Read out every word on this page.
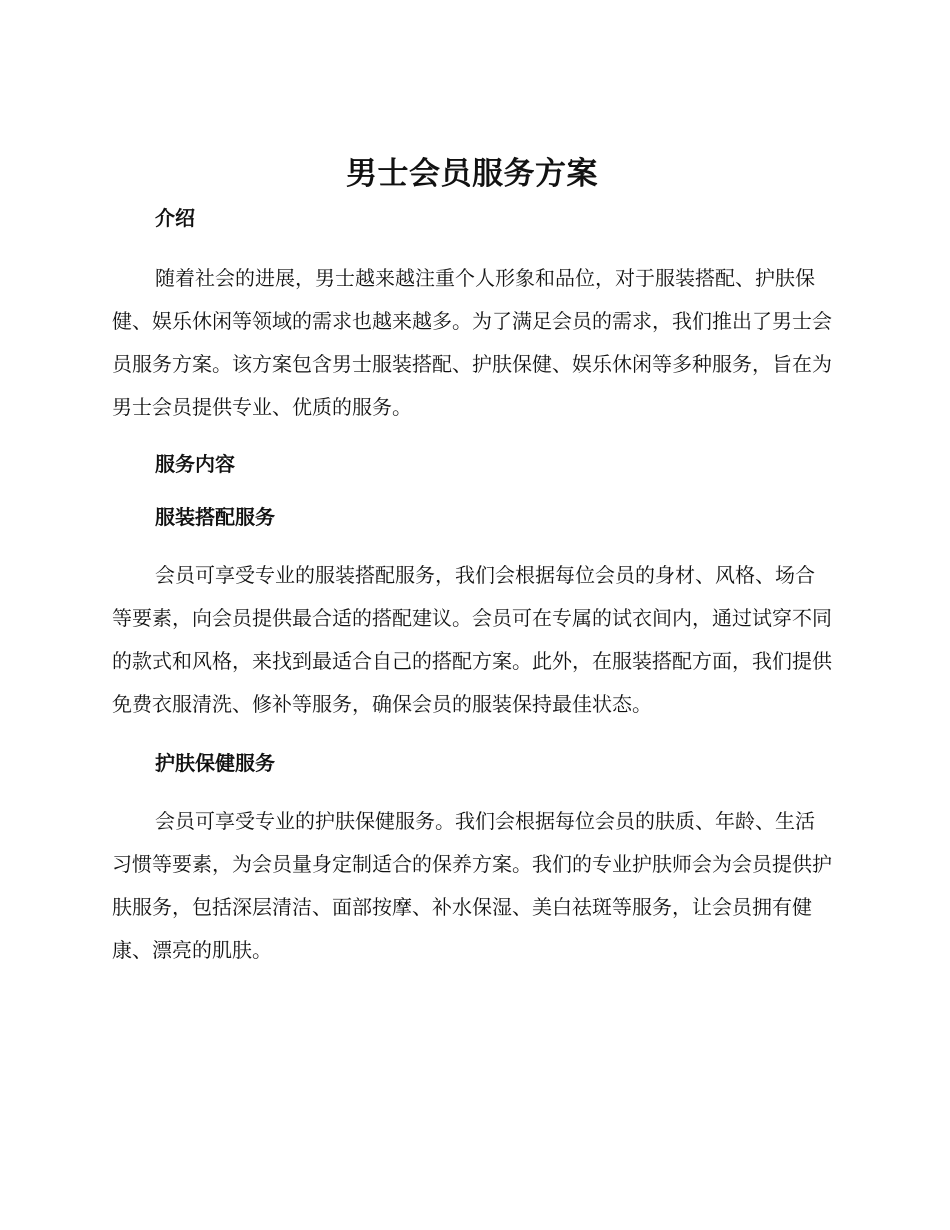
男士会员服务方案
介绍

随着社会的进展，男士越来越注重个人形象和品位，对于服装搭配、护肤保健、娱乐休闲等领域的需求也越来越多。为了满足会员的需求，我们推出了男士会员服务方案。该方案包含男士服装搭配、护肤保健、娱乐休闲等多种服务，旨在为男士会员提供专业、优质的服务。

服务内容
服装搭配服务

会员可享受专业的服装搭配服务，我们会根据每位会员的身材、风格、场合等要素，向会员提供最合适的搭配建议。会员可在专属的试衣间内，通过试穿不同的款式和风格，来找到最适合自己的搭配方案。此外，在服装搭配方面，我们提供免费衣服清洗、修补等服务，确保会员的服装保持最佳状态。

护肤保健服务

会员可享受专业的护肤保健服务。我们会根据每位会员的肤质、年龄、生活习惯等要素，为会员量身定制适合的保养方案。我们的专业护肤师会为会员提供护肤服务，包括深层清洁、面部按摩、补水保湿、美白祛斑等服务，让会员拥有健康、漂亮的肌肤。
